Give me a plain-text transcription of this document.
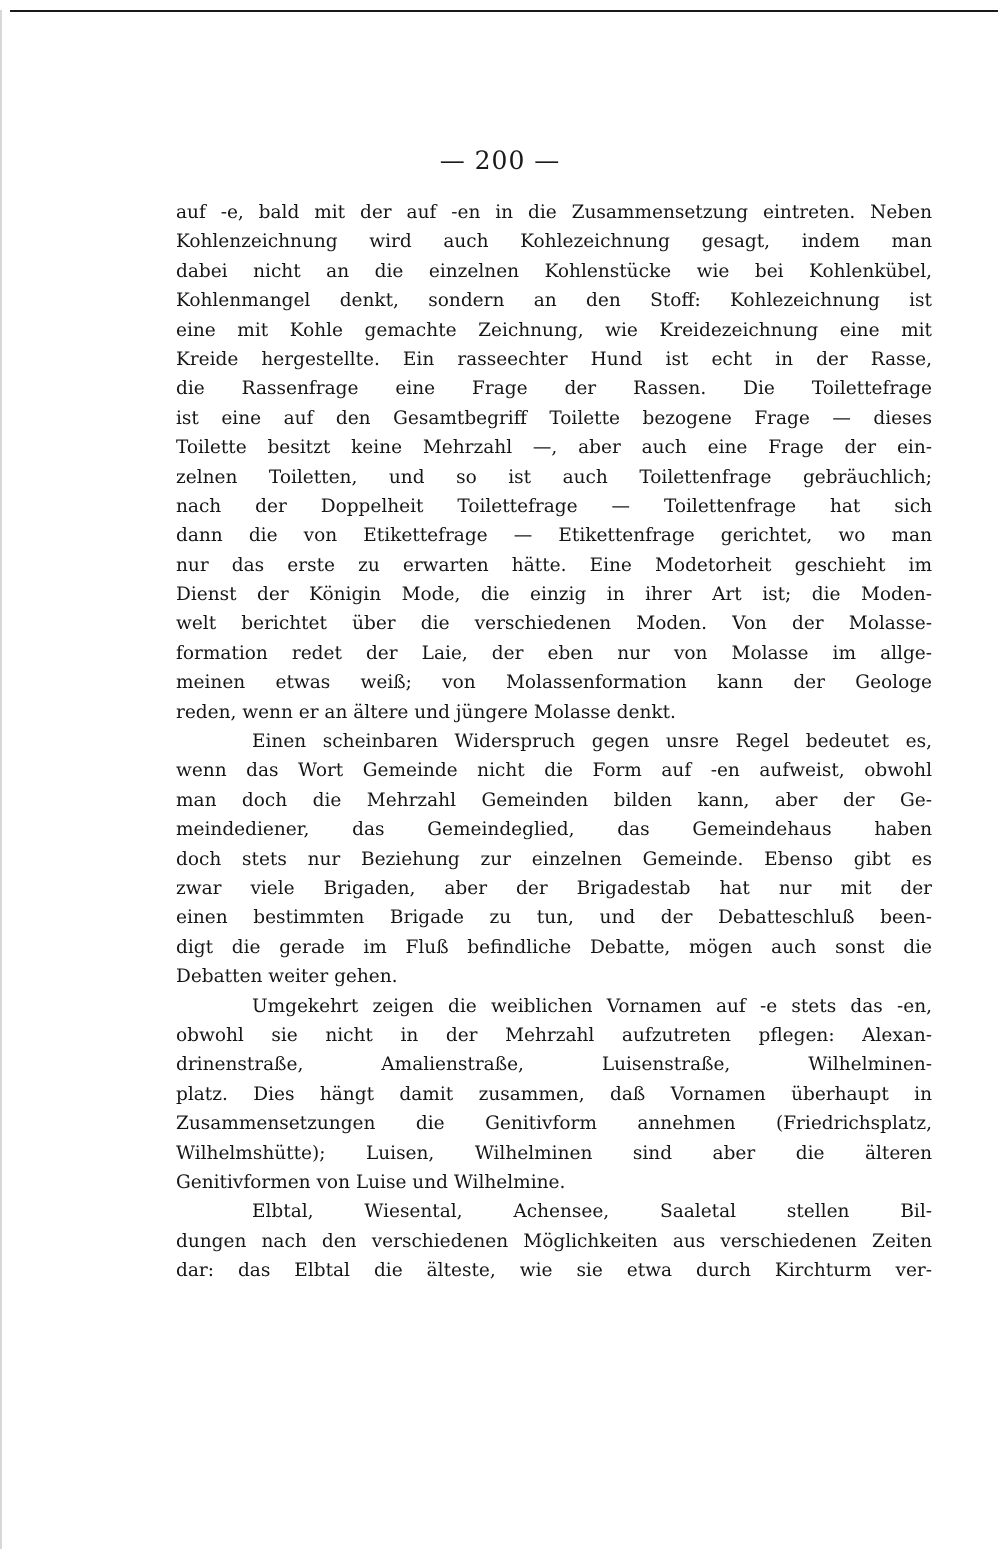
— 200 —
auf -e, bald mit der auf -en in die Zusammensetzung eintreten. Neben
Kohlenzeichnung wird auch Kohlezeichnung gesagt, indem man
dabei nicht an die einzelnen Kohlenstücke wie bei Kohlenkübel,
Kohlenmangel denkt, sondern an den Stoff: Kohlezeichnung ist
eine mit Kohle gemachte Zeichnung, wie Kreidezeichnung eine mit
Kreide hergestellte. Ein rasseechter Hund ist echt in der Rasse,
die Rassenfrage eine Frage der Rassen. Die Toilettefrage
ist eine auf den Gesamtbegriff Toilette bezogene Frage — dieses
Toilette besitzt keine Mehrzahl —, aber auch eine Frage der ein-
zelnen Toiletten, und so ist auch Toilettenfrage gebräuchlich;
nach der Doppelheit Toilettefrage — Toilettenfrage hat sich
dann die von Etikettefrage — Etikettenfrage gerichtet, wo man
nur das erste zu erwarten hätte. Eine Modetorheit geschieht im
Dienst der Königin Mode, die einzig in ihrer Art ist; die Moden-
welt berichtet über die verschiedenen Moden. Von der Molasse-
formation redet der Laie, der eben nur von Molasse im allge-
meinen etwas weiß; von Molassenformation kann der Geologe
reden, wenn er an ältere und jüngere Molasse denkt.
Einen scheinbaren Widerspruch gegen unsre Regel bedeutet es,
wenn das Wort Gemeinde nicht die Form auf -en aufweist, obwohl
man doch die Mehrzahl Gemeinden bilden kann, aber der Ge-
meindediener, das Gemeindeglied, das Gemeindehaus haben
doch stets nur Beziehung zur einzelnen Gemeinde. Ebenso gibt es
zwar viele Brigaden, aber der Brigadestab hat nur mit der
einen bestimmten Brigade zu tun, und der Debatteschluß been-
digt die gerade im Fluß befindliche Debatte, mögen auch sonst die
Debatten weiter gehen.
Umgekehrt zeigen die weiblichen Vornamen auf -e stets das -en,
obwohl sie nicht in der Mehrzahl aufzutreten pflegen: Alexan-
drinenstraße, Amalienstraße, Luisenstraße, Wilhelminen-
platz. Dies hängt damit zusammen, daß Vornamen überhaupt in
Zusammensetzungen die Genitivform annehmen (Friedrichsplatz,
Wilhelmshütte); Luisen, Wilhelminen sind aber die älteren
Genitivformen von Luise und Wilhelmine.
Elbtal, Wiesental, Achensee, Saaletal stellen Bil-
dungen nach den verschiedenen Möglichkeiten aus verschiedenen Zeiten
dar: das Elbtal die älteste, wie sie etwa durch Kirchturm ver-
